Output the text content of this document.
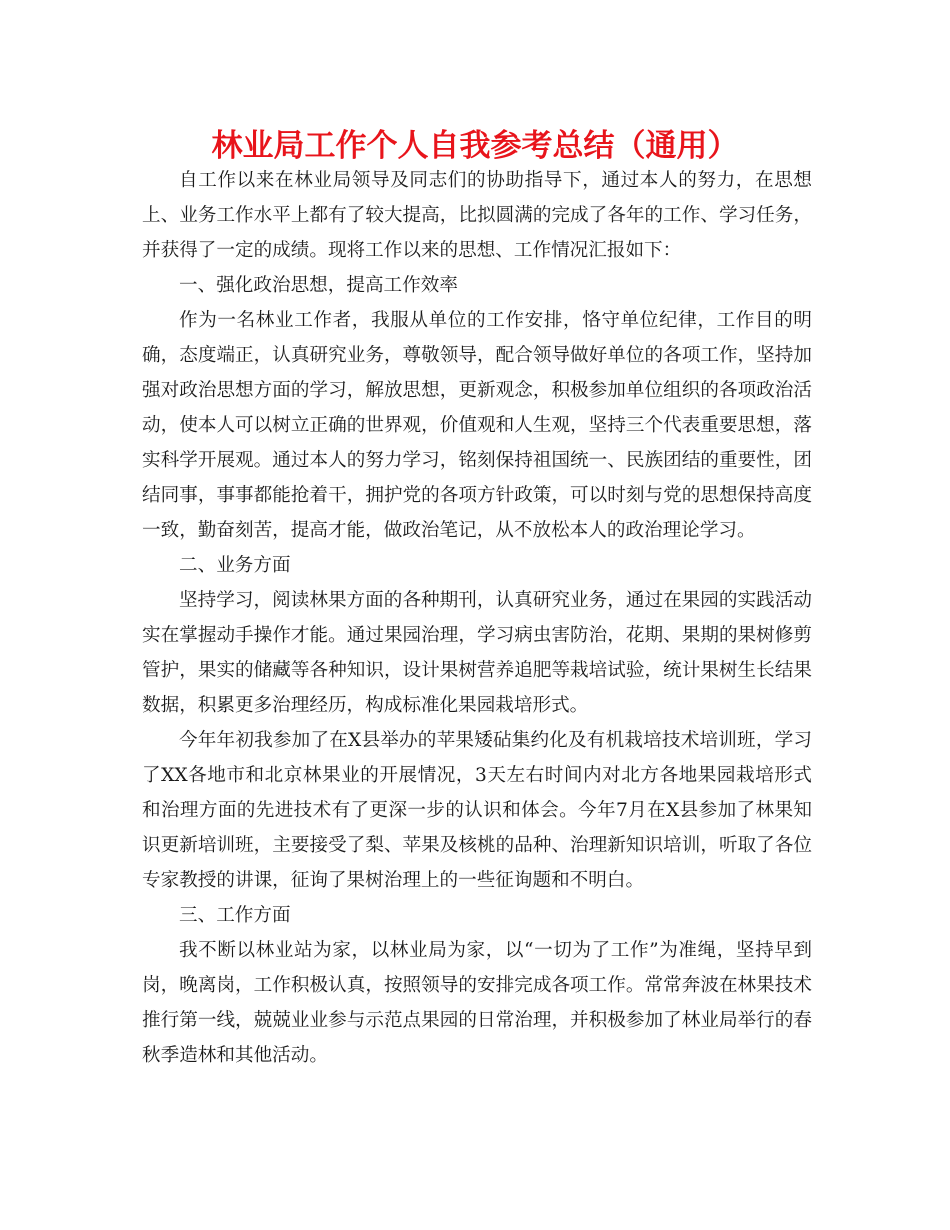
林业局工作个人自我参考总结（通用）

自工作以来在林业局领导及同志们的协助指导下，通过本人的努力，在思想上、业务工作水平上都有了较大提高，比拟圆满的完成了各年的工作、学习任务，并获得了一定的成绩。现将工作以来的思想、工作情况汇报如下：

一、强化政治思想，提高工作效率

作为一名林业工作者，我服从单位的工作安排，恪守单位纪律，工作目的明确，态度端正，认真研究业务，尊敬领导，配合领导做好单位的各项工作，坚持加强对政治思想方面的学习，解放思想，更新观念，积极参加单位组织的各项政治活动，使本人可以树立正确的世界观，价值观和人生观，坚持三个代表重要思想，落实科学开展观。通过本人的努力学习，铭刻保持祖国统一、民族团结的重要性，团结同事，事事都能抢着干，拥护党的各项方针政策，可以时刻与党的思想保持高度一致，勤奋刻苦，提高才能，做政治笔记，从不放松本人的政治理论学习。

二、业务方面

坚持学习，阅读林果方面的各种期刊，认真研究业务，通过在果园的实践活动实在掌握动手操作才能。通过果园治理，学习病虫害防治，花期、果期的果树修剪管护，果实的储藏等各种知识，设计果树营养追肥等栽培试验，统计果树生长结果数据，积累更多治理经历，构成标准化果园栽培形式。

今年年初我参加了在X县举办的苹果矮砧集约化及有机栽培技术培训班，学习了XX各地市和北京林果业的开展情况，3天左右时间内对北方各地果园栽培形式和治理方面的先进技术有了更深一步的认识和体会。今年7月在X县参加了林果知识更新培训班，主要接受了梨、苹果及核桃的品种、治理新知识培训，听取了各位专家教授的讲课，征询了果树治理上的一些征询题和不明白。

三、工作方面

我不断以林业站为家，以林业局为家，以“一切为了工作”为准绳，坚持早到岗，晚离岗，工作积极认真，按照领导的安排完成各项工作。常常奔波在林果技术推行第一线，兢兢业业参与示范点果园的日常治理，并积极参加了林业局举行的春秋季造林和其他活动。
